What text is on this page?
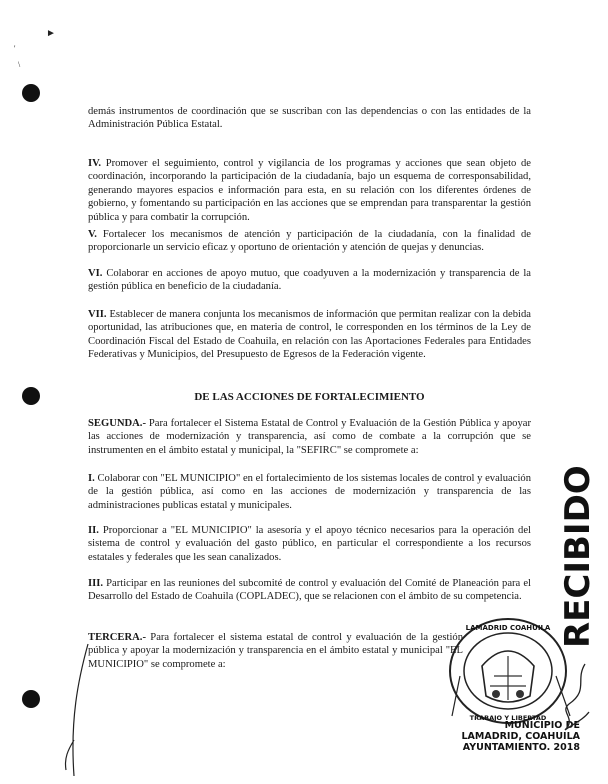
►
'
\

demás instrumentos de coordinación que se suscriban con las dependencias o con las entidades de la Administración Pública Estatal.

IV. Promover el seguimiento, control y vigilancia de los programas y acciones que sean objeto de coordinación, incorporando la participación de la ciudadanía, bajo un esquema de corresponsabilidad, generando mayores espacios e información para esta, en su relación con los diferentes órdenes de gobierno, y fomentando su participación en las acciones que se emprendan para transparentar la gestión pública y para combatir la corrupción.

V. Fortalecer los mecanismos de atención y participación de la ciudadanía, con la finalidad de proporcionarle un servicio eficaz y oportuno de orientación y atención de quejas y denuncias.

VI. Colaborar en acciones de apoyo mutuo, que coadyuven a la modernización y transparencia de la gestión pública en beneficio de la ciudadanía.

VII. Establecer de manera conjunta los mecanismos de información que permitan realizar con la debida oportunidad, las atribuciones que, en materia de control, le corresponden en los términos de la Ley de Coordinación Fiscal del Estado de Coahuila, en relación con las Aportaciones Federales para Entidades Federativas y Municipios, del Presupuesto de Egresos de la Federación vigente.

DE LAS ACCIONES DE FORTALECIMIENTO

SEGUNDA.- Para fortalecer el Sistema Estatal de Control y Evaluación de la Gestión Pública y apoyar las acciones de modernización y transparencia, así como de combate a la corrupción que se instrumenten en el ámbito estatal y municipal, la "SEFIRC" se compromete a:

I. Colaborar con "EL MUNICIPIO" en el fortalecimiento de los sistemas locales de control y evaluación de la gestión pública, así como en las acciones de modernización y transparencia de las administraciones publicas estatal y municipales.

II. Proporcionar a "EL MUNICIPIO" la asesoría y el apoyo técnico necesarios para la operación del sistema de control y evaluación del gasto público, en particular el correspondiente a los recursos estatales y federales que les sean canalizados.

III. Participar en las reuniones del subcomité de control y evaluación del Comité de Planeación para el Desarrollo del Estado de Coahuila (COPLADEC), que se relacionen con el ámbito de su competencia.

TERCERA.- Para fortalecer el sistema estatal de control y evaluación de la gestión pública y apoyar la modernización y transparencia en el ámbito estatal y municipal "EL MUNICIPIO" se compromete a:

RECIBIDO
LAMADRID COAHUILA
TRABAJO Y LIBERTAD
MUNICIPIO DE
LAMADRID, COAHUILA
AYUNTAMIENTO. 2018
